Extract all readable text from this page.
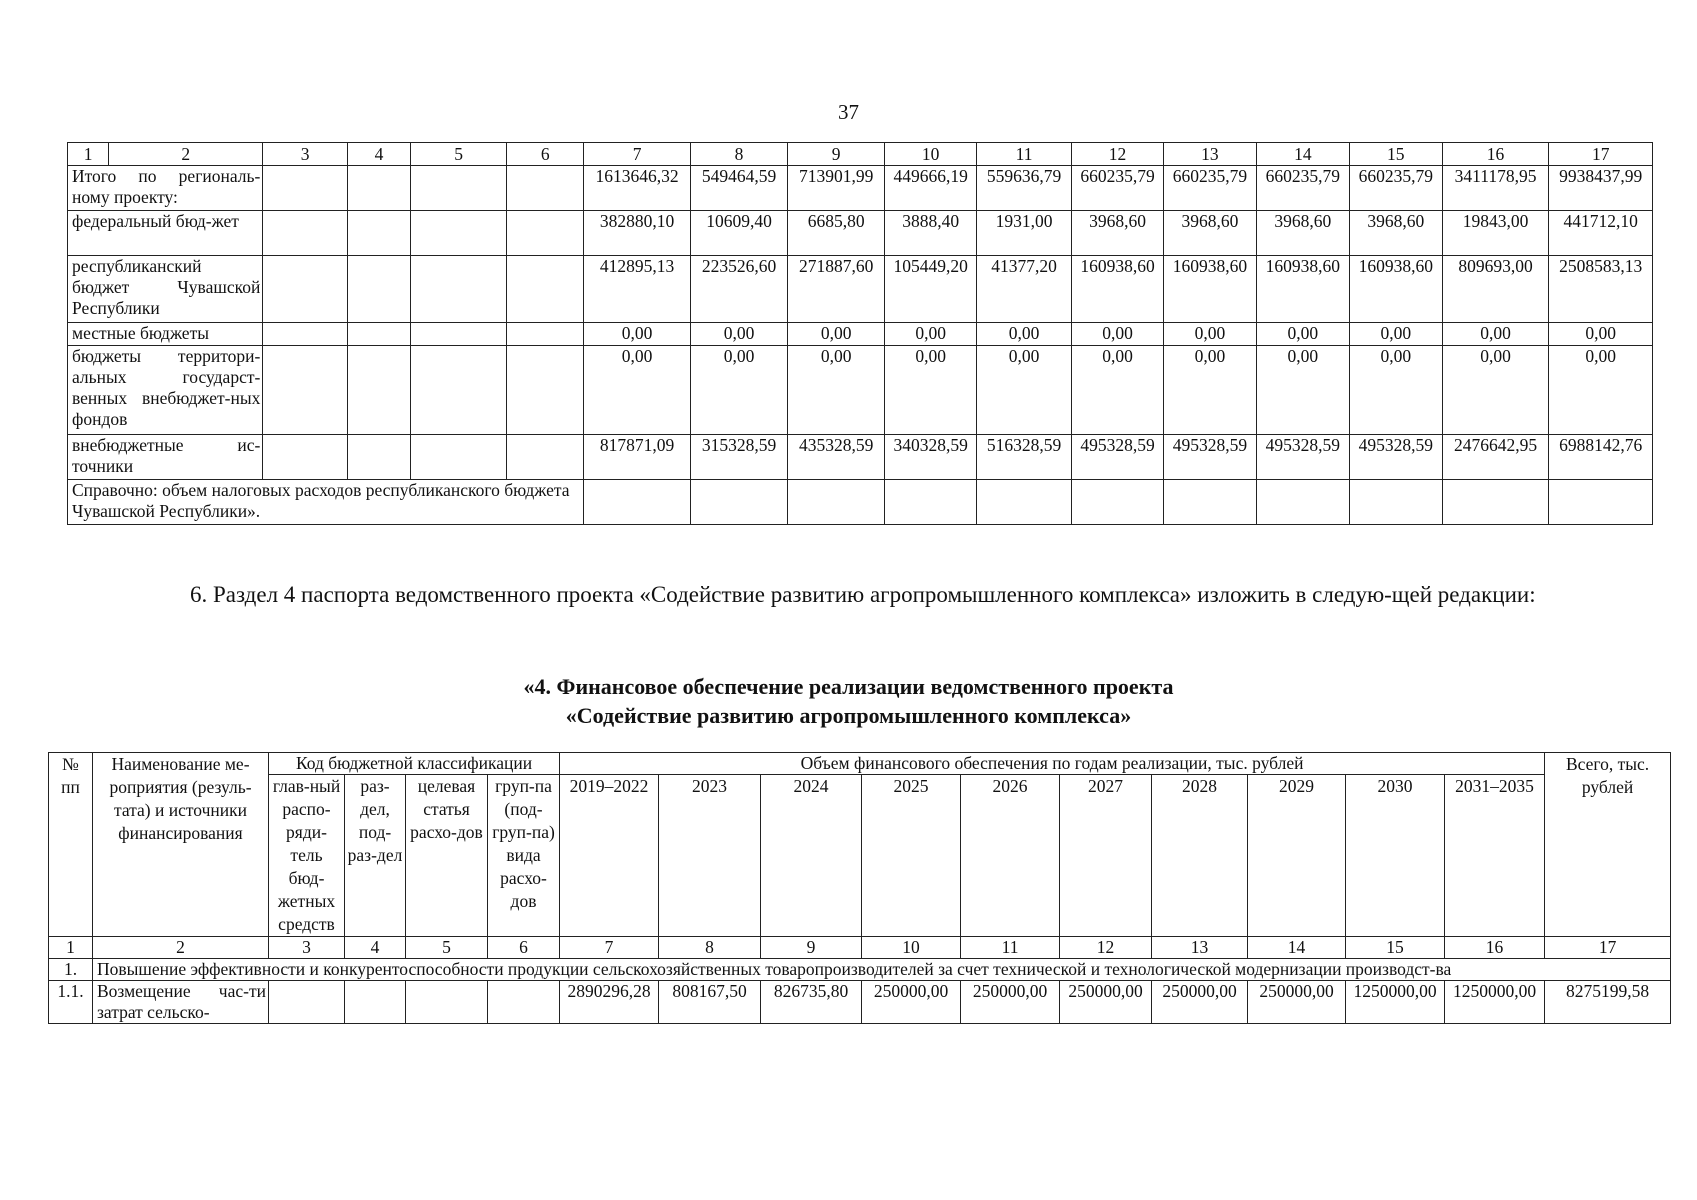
37
1	2	3	4	5	6	7	8	9	10	11	12	13	14	15	16	17
Итого по региональ-ному проекту:						1613646,32	549464,59	713901,99	449666,19	559636,79	660235,79	660235,79	660235,79	660235,79	3411178,95	9938437,99
федеральный бюд-жет						382880,10	10609,40	6685,80	3888,40	1931,00	3968,60	3968,60	3968,60	3968,60	19843,00	441712,10
республиканский бюджет Чувашской Республики						412895,13	223526,60	271887,60	105449,20	41377,20	160938,60	160938,60	160938,60	160938,60	809693,00	2508583,13
местные бюджеты						0,00	0,00	0,00	0,00	0,00	0,00	0,00	0,00	0,00	0,00	0,00
бюджеты территори-альных государст-венных внебюджет-ных фондов						0,00	0,00	0,00	0,00	0,00	0,00	0,00	0,00	0,00	0,00	0,00
внебюджетные ис-точники						817871,09	315328,59	435328,59	340328,59	516328,59	495328,59	495328,59	495328,59	495328,59	2476642,95	6988142,76
Справочно: объем налоговых расходов республиканского бюджета Чувашской Республики».																
6. Раздел 4 паспорта ведомственного проекта «Содействие развитию агропромышленного комплекса» изложить в следую-щей редакции:
«4. Финансовое обеспечение реализации ведомственного проекта
«Содействие развитию агропромышленного комплекса»
№ пп	Наименование ме-роприятия (резуль-тата) и источники финансирования	Код бюджетной классификации				Объем финансового обеспечения по годам реализации, тыс. рублей										Всего, тыс. рублей
		глав-ный распо-ряди-тель бюд-жетных средств	раз-дел, под-раз-дел	целевая статья расхо-дов	груп-па (под-груп-па) вида расхо-дов	2019–2022	2023	2024	2025	2026	2027	2028	2029	2030	2031–2035	
1	2	3	4	5	6	7	8	9	10	11	12	13	14	15	16	17
1.	Повышение эффективности и конкурентоспособности продукции сельскохозяйственных товаропроизводителей за счет технической и технологической модернизации производст-ва															
1.1.	Возмещение час-ти затрат сельско-					2890296,28	808167,50	826735,80	250000,00	250000,00	250000,00	250000,00	250000,00	1250000,00	1250000,00	8275199,58
